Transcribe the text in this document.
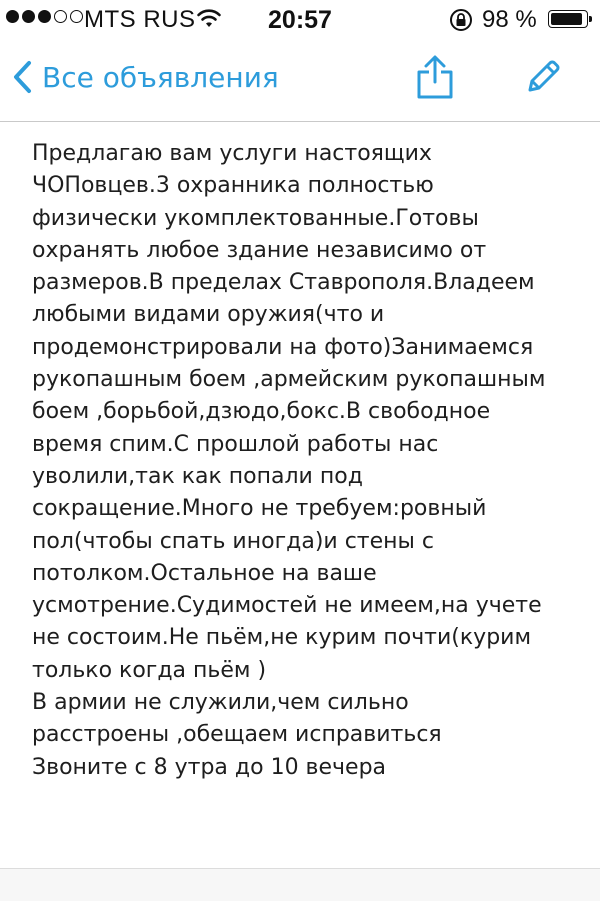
MTS RUS	20:57	98 %
Все объявления
Предлагаю вам услуги настоящих
ЧОПовцев.3 охранника полностью
физически укомплектованные.Готовы
охранять любое здание независимо от
размеров.В пределах Ставрополя.Владеем
любыми видами оружия(что и
продемонстрировали на фото)Занимаемся
рукопашным боем ,армейским рукопашным
боем ,борьбой,дзюдо,бокс.В свободное
время спим.С прошлой работы нас
уволили,так как попали под
сокращение.Много не требуем:ровный
пол(чтобы спать иногда)и стены с
потолком.Остальное на ваше
усмотрение.Судимостей не имеем,на учете
не состоим.Не пьём,не курим почти(курим
только когда пьём )
В армии не служили,чем сильно
расстроены ,обещаем исправиться
Звоните с 8 утра до 10 вечера
